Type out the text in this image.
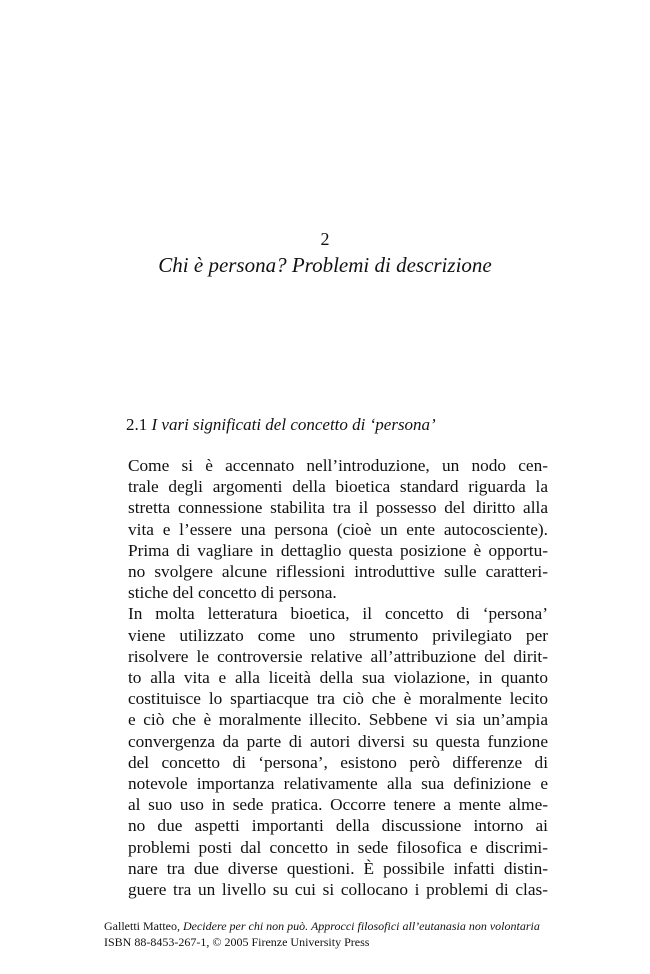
2
Chi è persona? Problemi di descrizione
2.1 I vari significati del concetto di ‘persona’

Come si è accennato nell’introduzione, un nodo cen-
trale degli argomenti della bioetica standard riguarda la
stretta connessione stabilita tra il possesso del diritto alla
vita e l’essere una persona (cioè un ente autocosciente).
Prima di vagliare in dettaglio questa posizione è opportu-
no svolgere alcune riflessioni introduttive sulle caratteri-
stiche del concetto di persona.

In molta letteratura bioetica, il concetto di ‘persona’
viene utilizzato come uno strumento privilegiato per
risolvere le controversie relative all’attribuzione del dirit-
to alla vita e alla liceità della sua violazione, in quanto
costituisce lo spartiacque tra ciò che è moralmente lecito
e ciò che è moralmente illecito. Sebbene vi sia un’ampia
convergenza da parte di autori diversi su questa funzione
del concetto di ‘persona’, esistono però differenze di
notevole importanza relativamente alla sua definizione e
al suo uso in sede pratica. Occorre tenere a mente alme-
no due aspetti importanti della discussione intorno ai
problemi posti dal concetto in sede filosofica e discrimi-
nare tra due diverse questioni. È possibile infatti distin-
guere tra un livello su cui si collocano i problemi di clas-

Galletti Matteo, Decidere per chi non può. Approcci filosofici all’eutanasia non volontaria
ISBN 88-8453-267-1, © 2005 Firenze University Press
